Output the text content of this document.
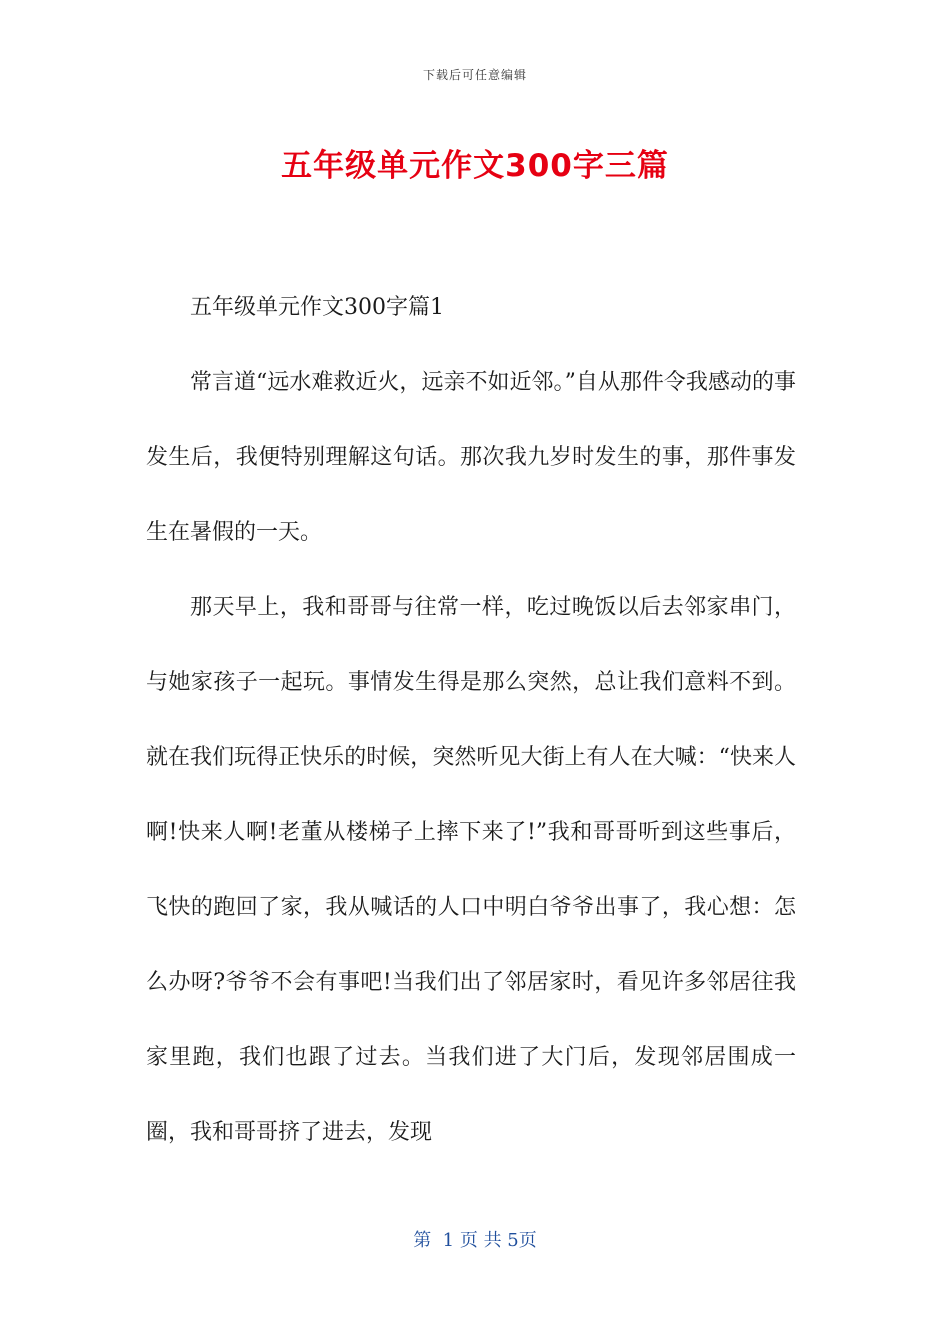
下载后可任意编辑
五年级单元作文300字三篇

五年级单元作文300字篇1

常言道“远水难救近火，远亲不如近邻。”自从那件令我感动的事发生后，我便特别理解这句话。那次我九岁时发生的事，那件事发生在暑假的一天。

那天早上，我和哥哥与往常一样，吃过晚饭以后去邻家串门，与她家孩子一起玩。事情发生得是那么突然，总让我们意料不到。就在我们玩得正快乐的时候，突然听见大街上有人在大喊：“快来人啊!快来人啊!老董从楼梯子上摔下来了!”我和哥哥听到这些事后，飞快的跑回了家，我从喊话的人口中明白爷爷出事了，我心想：怎么办呀?爷爷不会有事吧!当我们出了邻居家时，看见许多邻居往我家里跑，我们也跟了过去。当我们进了大门后，发现邻居围成一圈，我和哥哥挤了进去，发现

第  1 页 共 5页
